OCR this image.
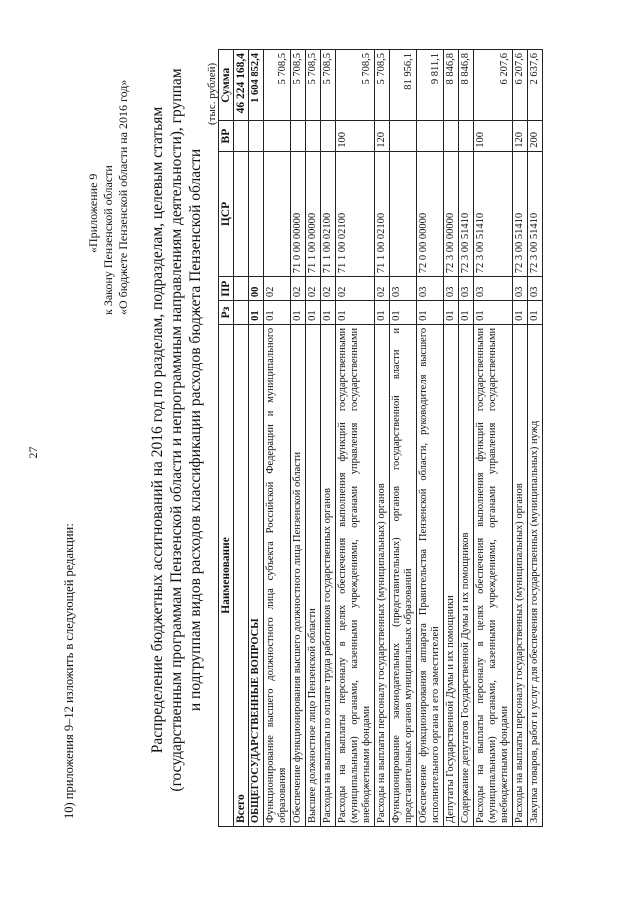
27
10) приложения 9–12 изложить в следующей редакции:
«Приложение 9 к Закону Пензенской области «О бюджете Пензенской области на 2016 год» Распределение бюджетных ассигнований на 2016 год по разделам, подразделам, целевым статьям (государственным программам Пензенской области и непрограммным направлениям деятельности), группам и подгруппам видов расходов классификации расходов бюджета Пензенской области
(тыс. рублей)
Наименование	Рз	ПР	ЦСР	ВР	Сумма
Всего					46 224 168,4
ОБЩЕГОСУДАРСТВЕННЫЕ ВОПРОСЫ	01	00			1 604 852,4
Функционирование высшего должностного лица субъекта Российской Федерации и муниципального образования	01	02			5 708,5
Обеспечение функционирования высшего должностного лица Пензенской области	01	02	71 0 00 00000		5 708,5
Высшее должностное лицо Пензенской области	01	02	71 1 00 00000		5 708,5
Расходы на выплаты по оплате труда работников государственных органов	01	02	71 1 00 02100		5 708,5
Расходы на выплаты персоналу в целях обеспечения выполнения функций государственными (муниципальными) органами, казенными учреждениями, органами управления государственными внебюджетными фондами	01	02	71 1 00 02100	100	5 708,5
Расходы на выплаты персоналу государственных (муниципальных) органов	01	02	71 1 00 02100	120	5 708,5
Функционирование законодательных (представительных) органов государственной власти и представительных органов муниципальных образований	01	03			81 956,1
Обеспечение функционирования аппарата Правительства Пензенской области, руководителя высшего исполнительного органа и его заместителей	01	03	72 0 00 00000		9 811,1
Депутаты Государственной Думы и их помощники	01	03	72 3 00 00000		8 846,8
Содержание депутатов Государственной Думы и их помощников	01	03	72 3 00 51410		8 846,8
Расходы на выплаты персоналу в целях обеспечения выполнения функций государственными (муниципальными) органами, казенными учреждениями, органами управления государственными внебюджетными фондами	01	03	72 3 00 51410	100	6 207,6
Расходы на выплаты персоналу государственных (муниципальных) органов	01	03	72 3 00 51410	120	6 207,6
Закупка товаров, работ и услуг для обеспечения государственных (муниципальных) нужд	01	03	72 3 00 51410	200	2 637,6
